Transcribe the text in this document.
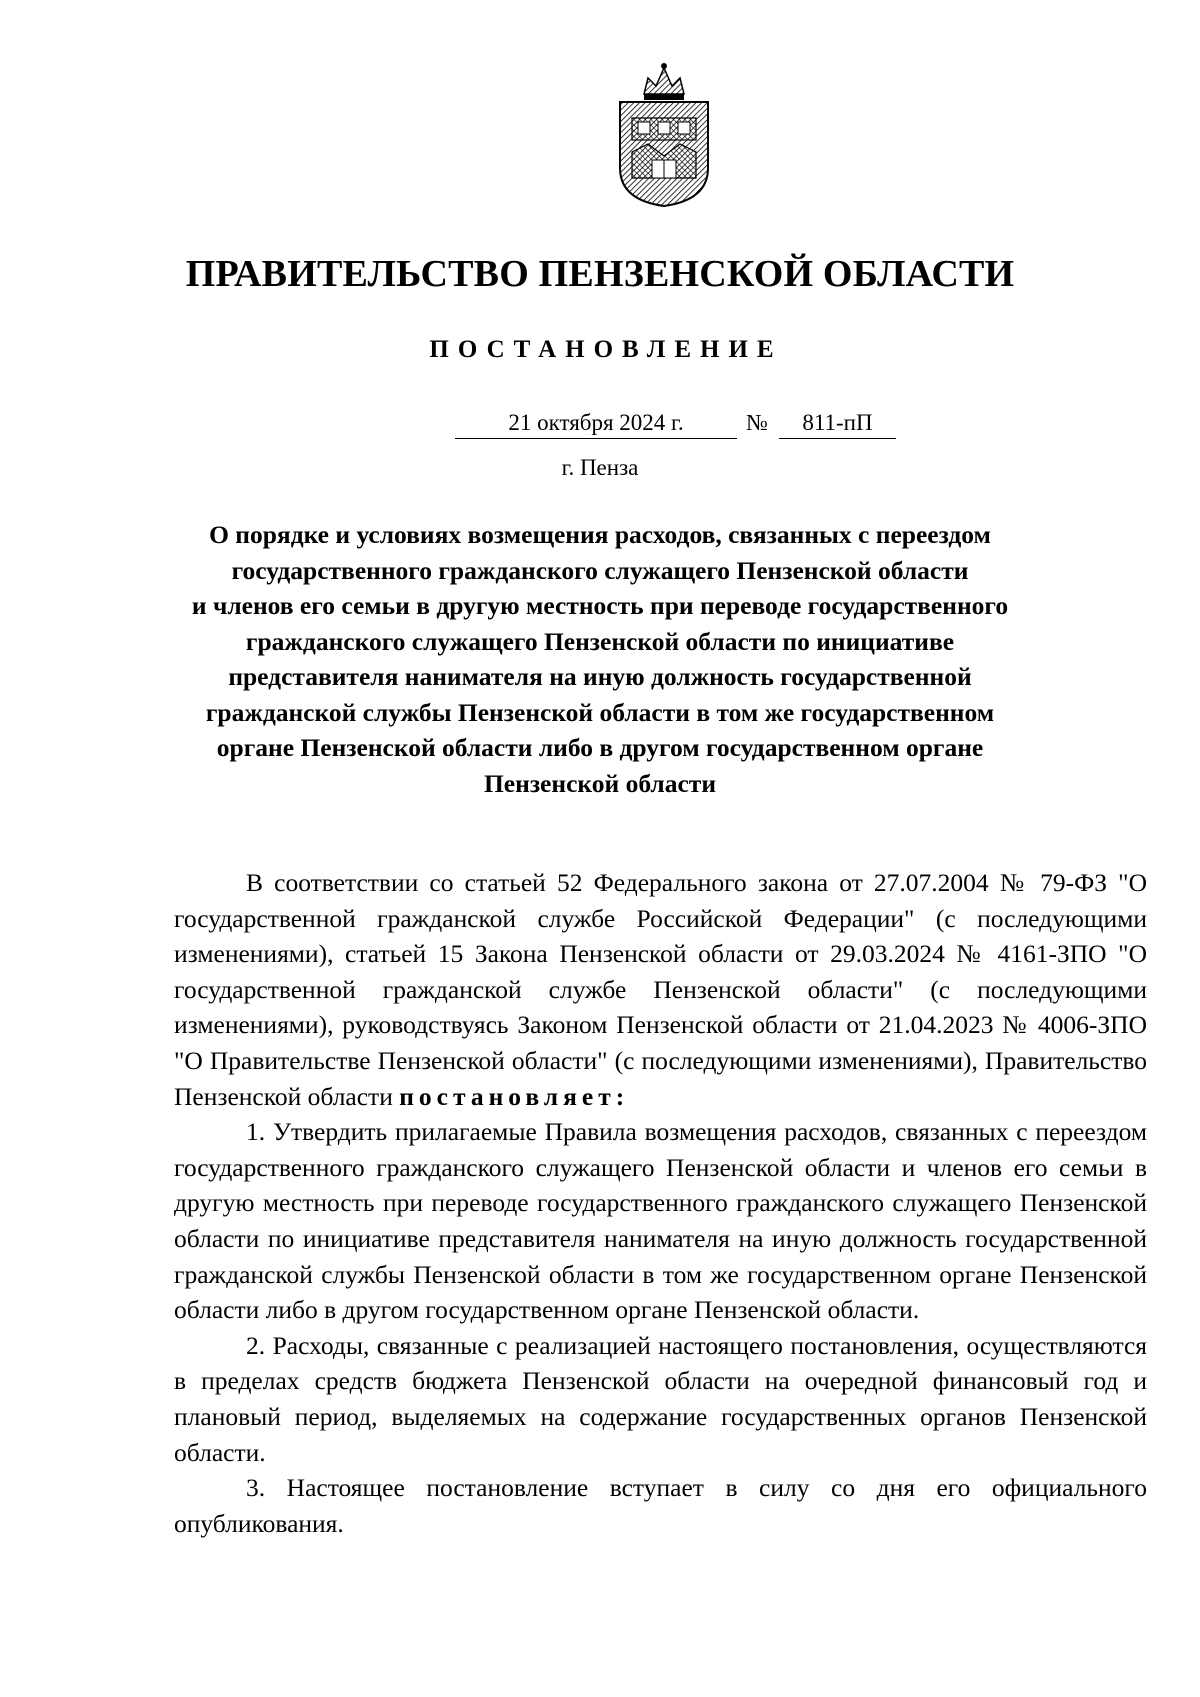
ПРАВИТЕЛЬСТВО ПЕНЗЕНСКОЙ ОБЛАСТИ
ПОСТАНОВЛЕНИЕ
21 октября 2024 г.	№	811-пП
г. Пенза
О порядке и условиях возмещения расходов, связанных с переездом
государственного гражданского служащего Пензенской области
и членов его семьи в другую местность при переводе государственного
гражданского служащего Пензенской области по инициативе
представителя нанимателя на иную должность государственной
гражданской службы Пензенской области в том же государственном
органе Пензенской области либо в другом государственном органе
Пензенской области

В соответствии со статьей 52 Федерального закона от 27.07.2004 № 79-ФЗ "О государственной гражданской службе Российской Федерации" (с последующими изменениями), статьей 15 Закона Пензенской области от 29.03.2024 № 4161-ЗПО "О государственной гражданской службе Пензенской области" (с последующими изменениями), руководствуясь Законом Пензенской области от 21.04.2023 № 4006-ЗПО "О Правительстве Пензенской области" (с последующими изменениями), Правительство Пензенской области постановляет:

1. Утвердить прилагаемые Правила возмещения расходов, связанных с переездом государственного гражданского служащего Пензенской области и членов его семьи в другую местность при переводе государственного гражданского служащего Пензенской области по инициативе представителя нанимателя на иную должность государственной гражданской службы Пензенской области в том же государственном органе Пензенской области либо в другом государственном органе Пензенской области.

2. Расходы, связанные с реализацией настоящего постановления, осуществляются в пределах средств бюджета Пензенской области на очередной финансовый год и плановый период, выделяемых на содержание государственных органов Пензенской области.

3. Настоящее постановление вступает в силу со дня его официального опубликования.
